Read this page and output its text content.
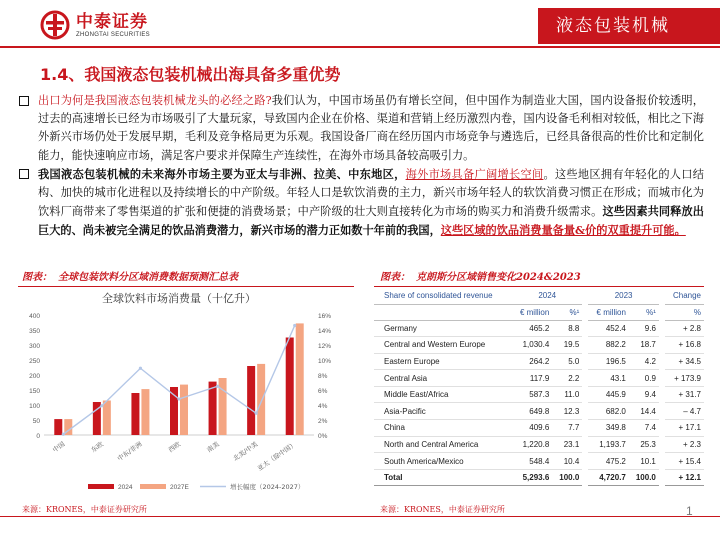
中泰证券
ZHONGTAI SECURITIES	液态包装机械
1.4、我国液态包装机械出海具备多重优势
出口为何是我国液态包装机械龙头的必经之路?我们认为，中国市场虽仍有增长空间，但中国作为制造业大国，国内设备报价较透明，过去的高速增长已经为市场吸引了大量玩家，导致国内企业在价格、渠道和营销上经历激烈内卷，国内设备毛利相对较低，相比之下海外新兴市场仍处于发展早期，毛利及竞争格局更为乐观。我国设备厂商在经历国内市场竞争与遴选后，已经具备很高的性价比和定制化能力，能快速响应市场，满足客户要求并保障生产连续性，在海外市场具备较高吸引力。
我国液态包装机械的未来海外市场主要为亚太与非洲、拉美、中东地区，海外市场具备广阔增长空间。这些地区拥有年轻化的人口结构、加快的城市化进程以及持续增长的中产阶级。年轻人口是软饮消费的主力，新兴市场年轻人的软饮消费习惯正在形成；而城市化为饮料厂商带来了零售渠道的扩张和便捷的消费场景；中产阶级的壮大则直接转化为市场的购买力和消费升级需求。这些因素共同释放出巨大的、尚未被完全满足的饮品消费潜力，新兴市场的潜力正如数十年前的我国，这些区域的饮品消费量备量&价的双重提升可能。
图表： 全球包装饮料分区域消费数据预测汇总表	图表： 克朗斯分区域销售变化2024&2023
全球饮料市场消费量（十亿升）
0
50
100
150
200
250
300
350
400
0%
2%
4%
6%
8%
10%
12%
14%
16%
中国	东欧 中东/非洲	西欧	南美 北美/中美
亚太（除中国）
2024	2027E	增长幅度（2024-2027）
Share of consolidated revenue	2024		2023		Change
	€ million	%¹	€ million	%¹	%
Germany	465.2	8.8	452.4	9.6	+ 2.8
Central and Western Europe	1,030.4	19.5	882.2	18.7	+ 16.8
Eastern Europe	264.2	5.0	196.5	4.2	+ 34.5
Central Asia	117.9	2.2	43.1	0.9	+ 173.9
Middle East/Africa	587.3	11.0	445.9	9.4	+ 31.7
Asia-Pacific	649.8	12.3	682.0	14.4	– 4.7
China	409.6	7.7	349.8	7.4	+ 17.1
North and Central America	1,220.8	23.1	1,193.7	25.3	+ 2.3
South America/Mexico	548.4	10.4	475.2	10.1	+ 15.4
Total	5,293.6	100.0	4,720.7	100.0	+ 12.1
来源：KRONES，中泰证券研究所	来源：KRONES，中泰证券研究所	1
